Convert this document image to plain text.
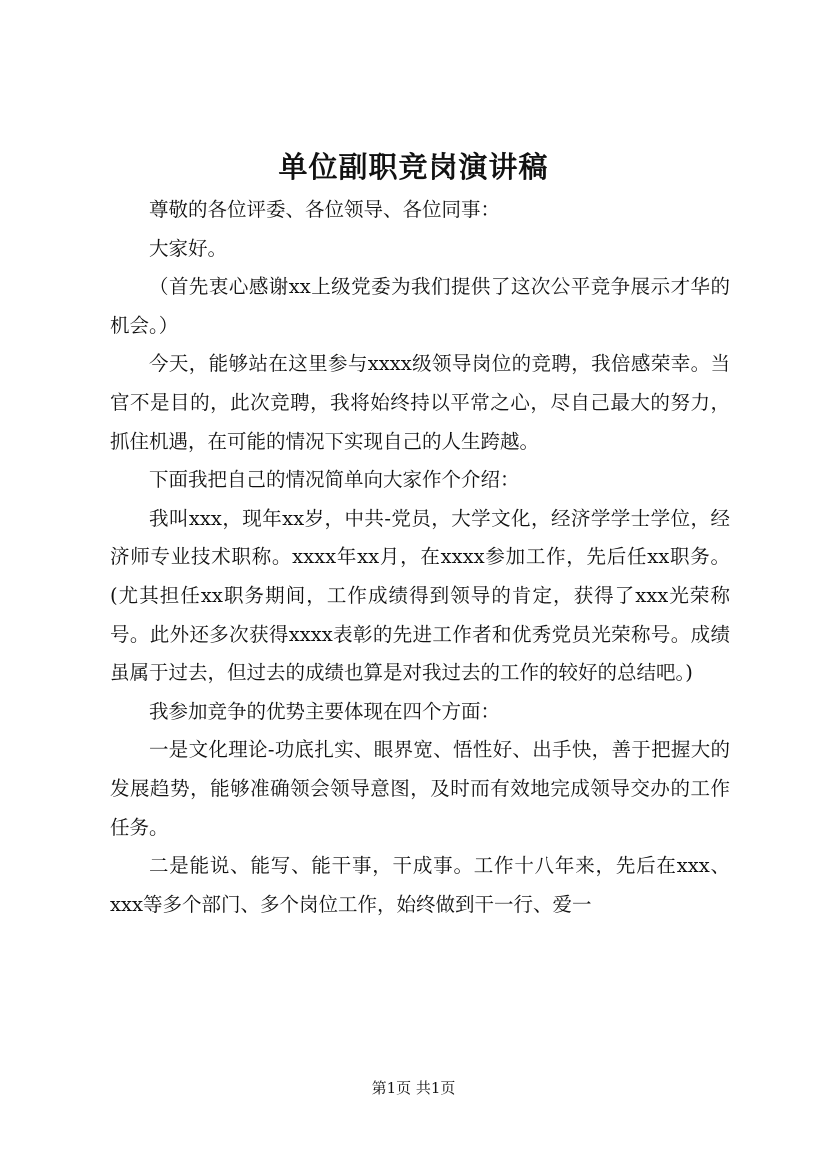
单位副职竞岗演讲稿

尊敬的各位评委、各位领导、各位同事：

大家好。

（首先衷心感谢xx上级党委为我们提供了这次公平竞争展示才华的机会。）

今天，能够站在这里参与xxxx级领导岗位的竞聘，我倍感荣幸。当官不是目的，此次竞聘，我将始终持以平常之心，尽自己最大的努力，抓住机遇，在可能的情况下实现自己的人生跨越。

下面我把自己的情况简单向大家作个介绍：

我叫xxx，现年xx岁，中共-党员，大学文化，经济学学士学位，经济师专业技术职称。xxxx年xx月，在xxxx参加工作，先后任xx职务。(尤其担任xx职务期间，工作成绩得到领导的肯定，获得了xxx光荣称号。此外还多次获得xxxx表彰的先进工作者和优秀党员光荣称号。成绩虽属于过去，但过去的成绩也算是对我过去的工作的较好的总结吧。)

我参加竞争的优势主要体现在四个方面：

一是文化理论-功底扎实、眼界宽、悟性好、出手快，善于把握大的发展趋势，能够准确领会领导意图，及时而有效地完成领导交办的工作任务。

二是能说、能写、能干事，干成事。工作十八年来，先后在xxx、xxx等多个部门、多个岗位工作，始终做到干一行、爱一

第1页 共1页
